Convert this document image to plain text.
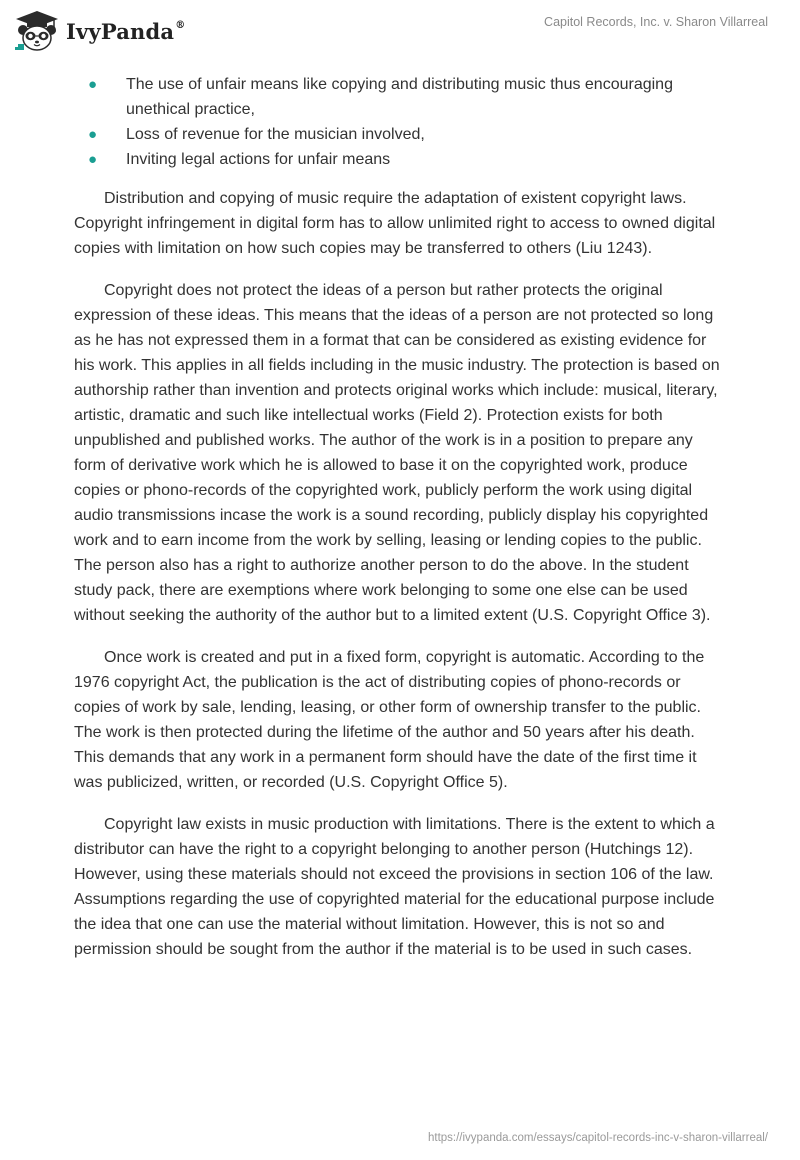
IvyPanda®	Capitol Records, Inc. v. Sharon Villarreal
● The use of unfair means like copying and distributing music thus encouraging unethical practice,
● Loss of revenue for the musician involved,
● Inviting legal actions for unfair means

Distribution and copying of music require the adaptation of existent copyright laws. Copyright infringement in digital form has to allow unlimited right to access to owned digital copies with limitation on how such copies may be transferred to others (Liu 1243).

Copyright does not protect the ideas of a person but rather protects the original expression of these ideas. This means that the ideas of a person are not protected so long as he has not expressed them in a format that can be considered as existing evidence for his work. This applies in all fields including in the music industry. The protection is based on authorship rather than invention and protects original works which include: musical, literary, artistic, dramatic and such like intellectual works (Field 2). Protection exists for both unpublished and published works. The author of the work is in a position to prepare any form of derivative work which he is allowed to base it on the copyrighted work, produce copies or phono-records of the copyrighted work, publicly perform the work using digital audio transmissions incase the work is a sound recording, publicly display his copyrighted work and to earn income from the work by selling, leasing or lending copies to the public. The person also has a right to authorize another person to do the above. In the student study pack, there are exemptions where work belonging to some one else can be used without seeking the authority of the author but to a limited extent (U.S. Copyright Office 3).

Once work is created and put in a fixed form, copyright is automatic. According to the 1976 copyright Act, the publication is the act of distributing copies of phono-records or copies of work by sale, lending, leasing, or other form of ownership transfer to the public. The work is then protected during the lifetime of the author and 50 years after his death. This demands that any work in a permanent form should have the date of the first time it was publicized, written, or recorded (U.S. Copyright Office 5).

Copyright law exists in music production with limitations. There is the extent to which a distributor can have the right to a copyright belonging to another person (Hutchings 12). However, using these materials should not exceed the provisions in section 106 of the law. Assumptions regarding the use of copyrighted material for the educational purpose include the idea that one can use the material without limitation. However, this is not so and permission should be sought from the author if the material is to be used in such cases.

https://ivypanda.com/essays/capitol-records-inc-v-sharon-villarreal/
